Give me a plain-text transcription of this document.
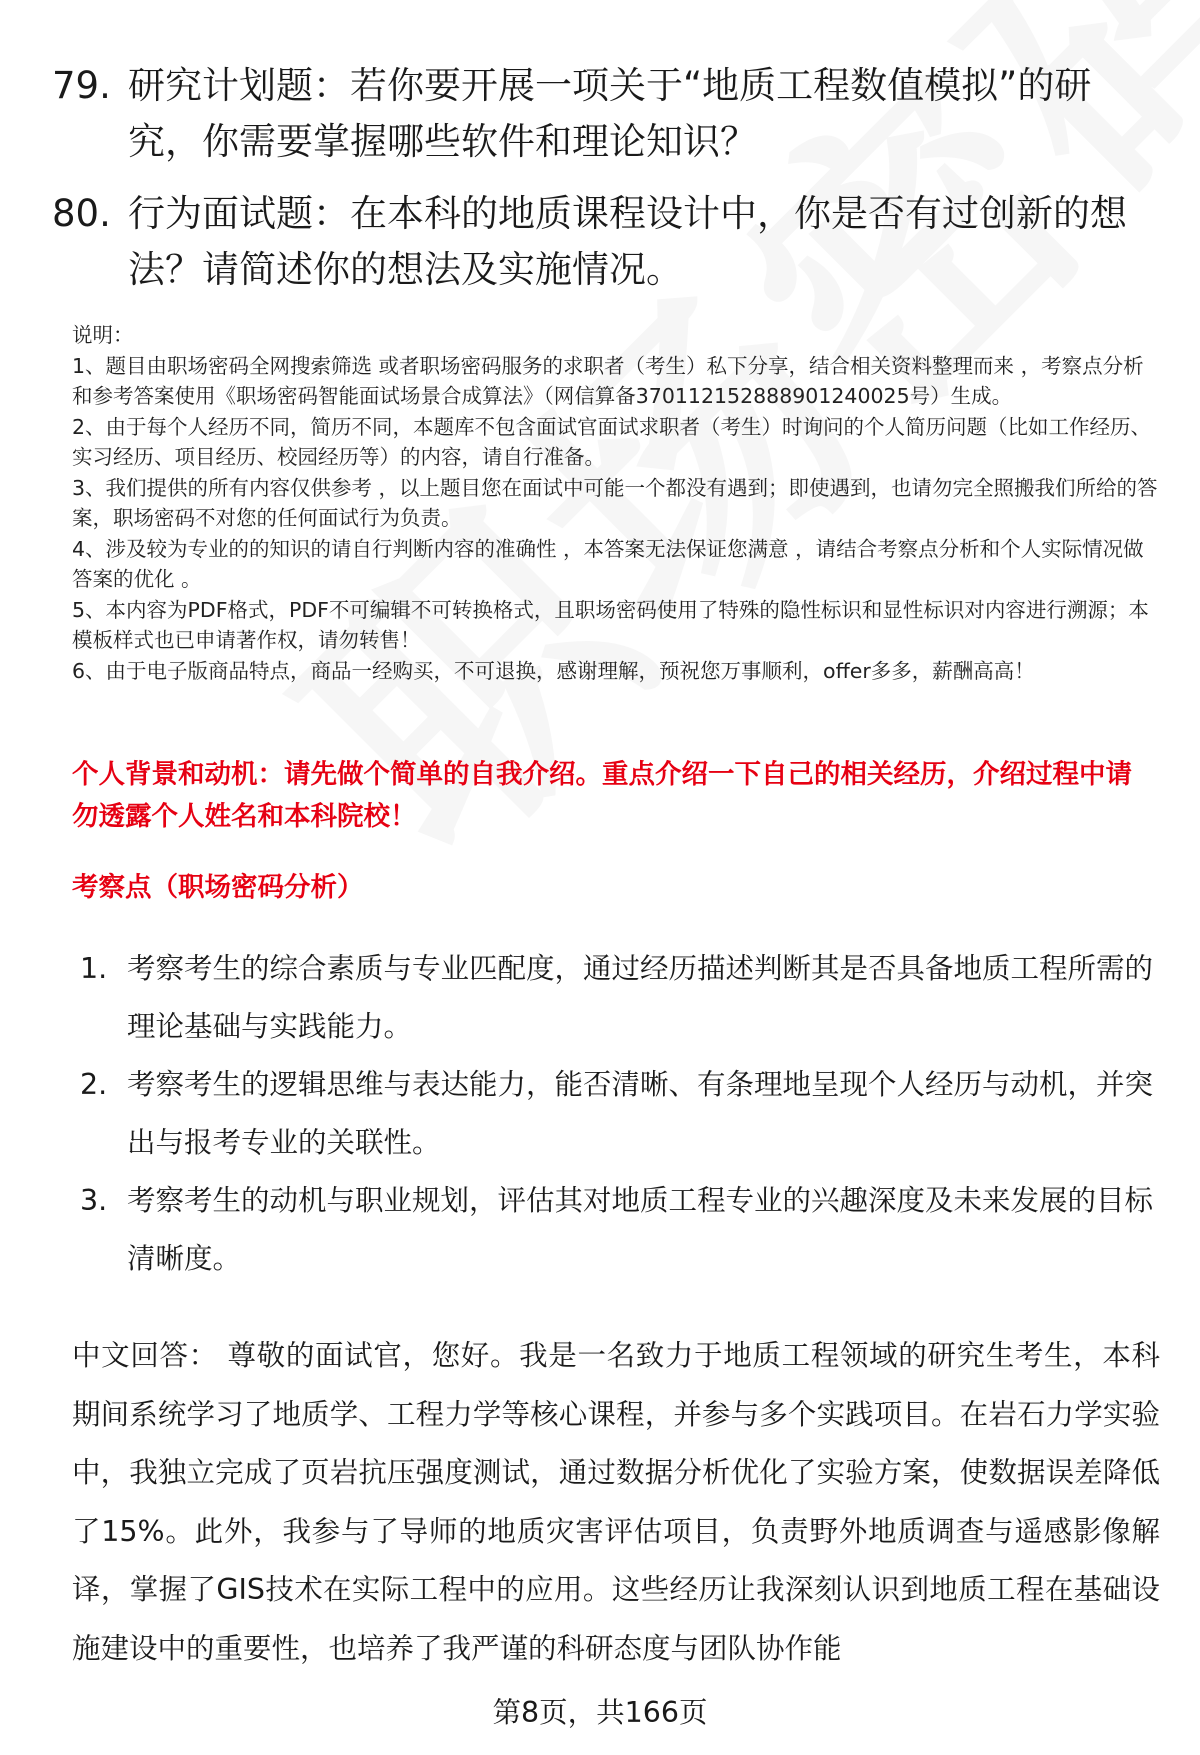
79. 研究计划题：若你要开展一项关于“地质工程数值模拟”的研究，你需要掌握哪些软件和理论知识？
80. 行为面试题：在本科的地质课程设计中，你是否有过创新的想法？请简述你的想法及实施情况。
说明：
1、题目由职场密码全网搜索筛选 或者职场密码服务的求职者（考生）私下分享，结合相关资料整理而来 ，考察点分析和参考答案使用《职场密码智能面试场景合成算法》（网信算备370112152888901240025号）生成。
2、由于每个人经历不同，简历不同，本题库不包含面试官面试求职者（考生）时询问的个人简历问题（比如工作经历、实习经历、项目经历、校园经历等）的内容，请自行准备。
3、我们提供的所有内容仅供参考 ，以上题目您在面试中可能一个都没有遇到；即使遇到，也请勿完全照搬我们所给的答案，职场密码不对您的任何面试行为负责。
4、涉及较为专业的的知识的请自行判断内容的准确性 ，本答案无法保证您满意 ，请结合考察点分析和个人实际情况做答案的优化 。
5、本内容为PDF格式，PDF不可编辑不可转换格式，且职场密码使用了特殊的隐性标识和显性标识对内容进行溯源；本模板样式也已申请著作权，请勿转售！
6、由于电子版商品特点，商品一经购买，不可退换，感谢理解，预祝您万事顺利，offer多多，薪酬高高！
个人背景和动机：请先做个简单的自我介绍。重点介绍一下自己的相关经历，介绍过程中请勿透露个人姓名和本科院校！
考察点（职场密码分析）
1. 考察考生的综合素质与专业匹配度，通过经历描述判断其是否具备地质工程所需的理论基础与实践能力。
2. 考察考生的逻辑思维与表达能力，能否清晰、有条理地呈现个人经历与动机，并突出与报考专业的关联性。
3. 考察考生的动机与职业规划，评估其对地质工程专业的兴趣深度及未来发展的目标清晰度。
中文回答： 尊敬的面试官，您好。我是一名致力于地质工程领域的研究生考生，本科期间系统学习了地质学、工程力学等核心课程，并参与多个实践项目。在岩石力学实验中，我独立完成了页岩抗压强度测试，通过数据分析优化了实验方案，使数据误差降低了15%。此外，我参与了导师的地质灾害评估项目，负责野外地质调查与遥感影像解译，掌握了GIS技术在实际工程中的应用。这些经历让我深刻认识到地质工程在基础设施建设中的重要性，也培养了我严谨的科研态度与团队协作能
第8页，共166页
